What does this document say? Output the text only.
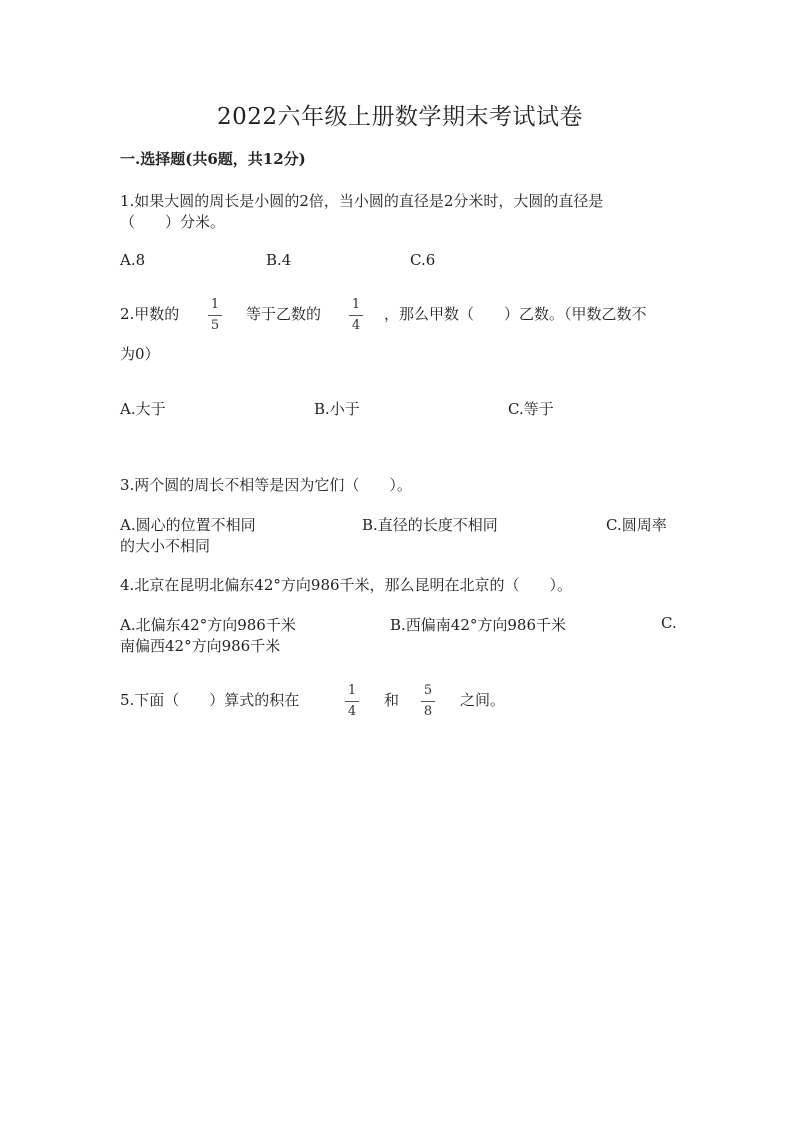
2022六年级上册数学期末考试试卷
一.选择题(共6题，共12分)
1.如果大圆的周长是小圆的2倍，当小圆的直径是2分米时，大圆的直径是
（　　）分米。
A.8	B.4	C.6
2.甲数的
1
5
等于乙数的
1
4
，那么甲数（　　）乙数。（甲数乙数不
为0）
A.大于	B.小于	C.等于
3.两个圆的周长不相等是因为它们（　　）。
A.圆心的位置不相同	B.直径的长度不相同	C.圆周率
的大小不相同
4.北京在昆明北偏东42°方向986千米，那么昆明在北京的（　　）。
A.北偏东42°方向986千米	B.西偏南42°方向986千米	C.
南偏西42°方向986千米
5.下面（　　）算式的积在
1
4
和
5
8
之间。
